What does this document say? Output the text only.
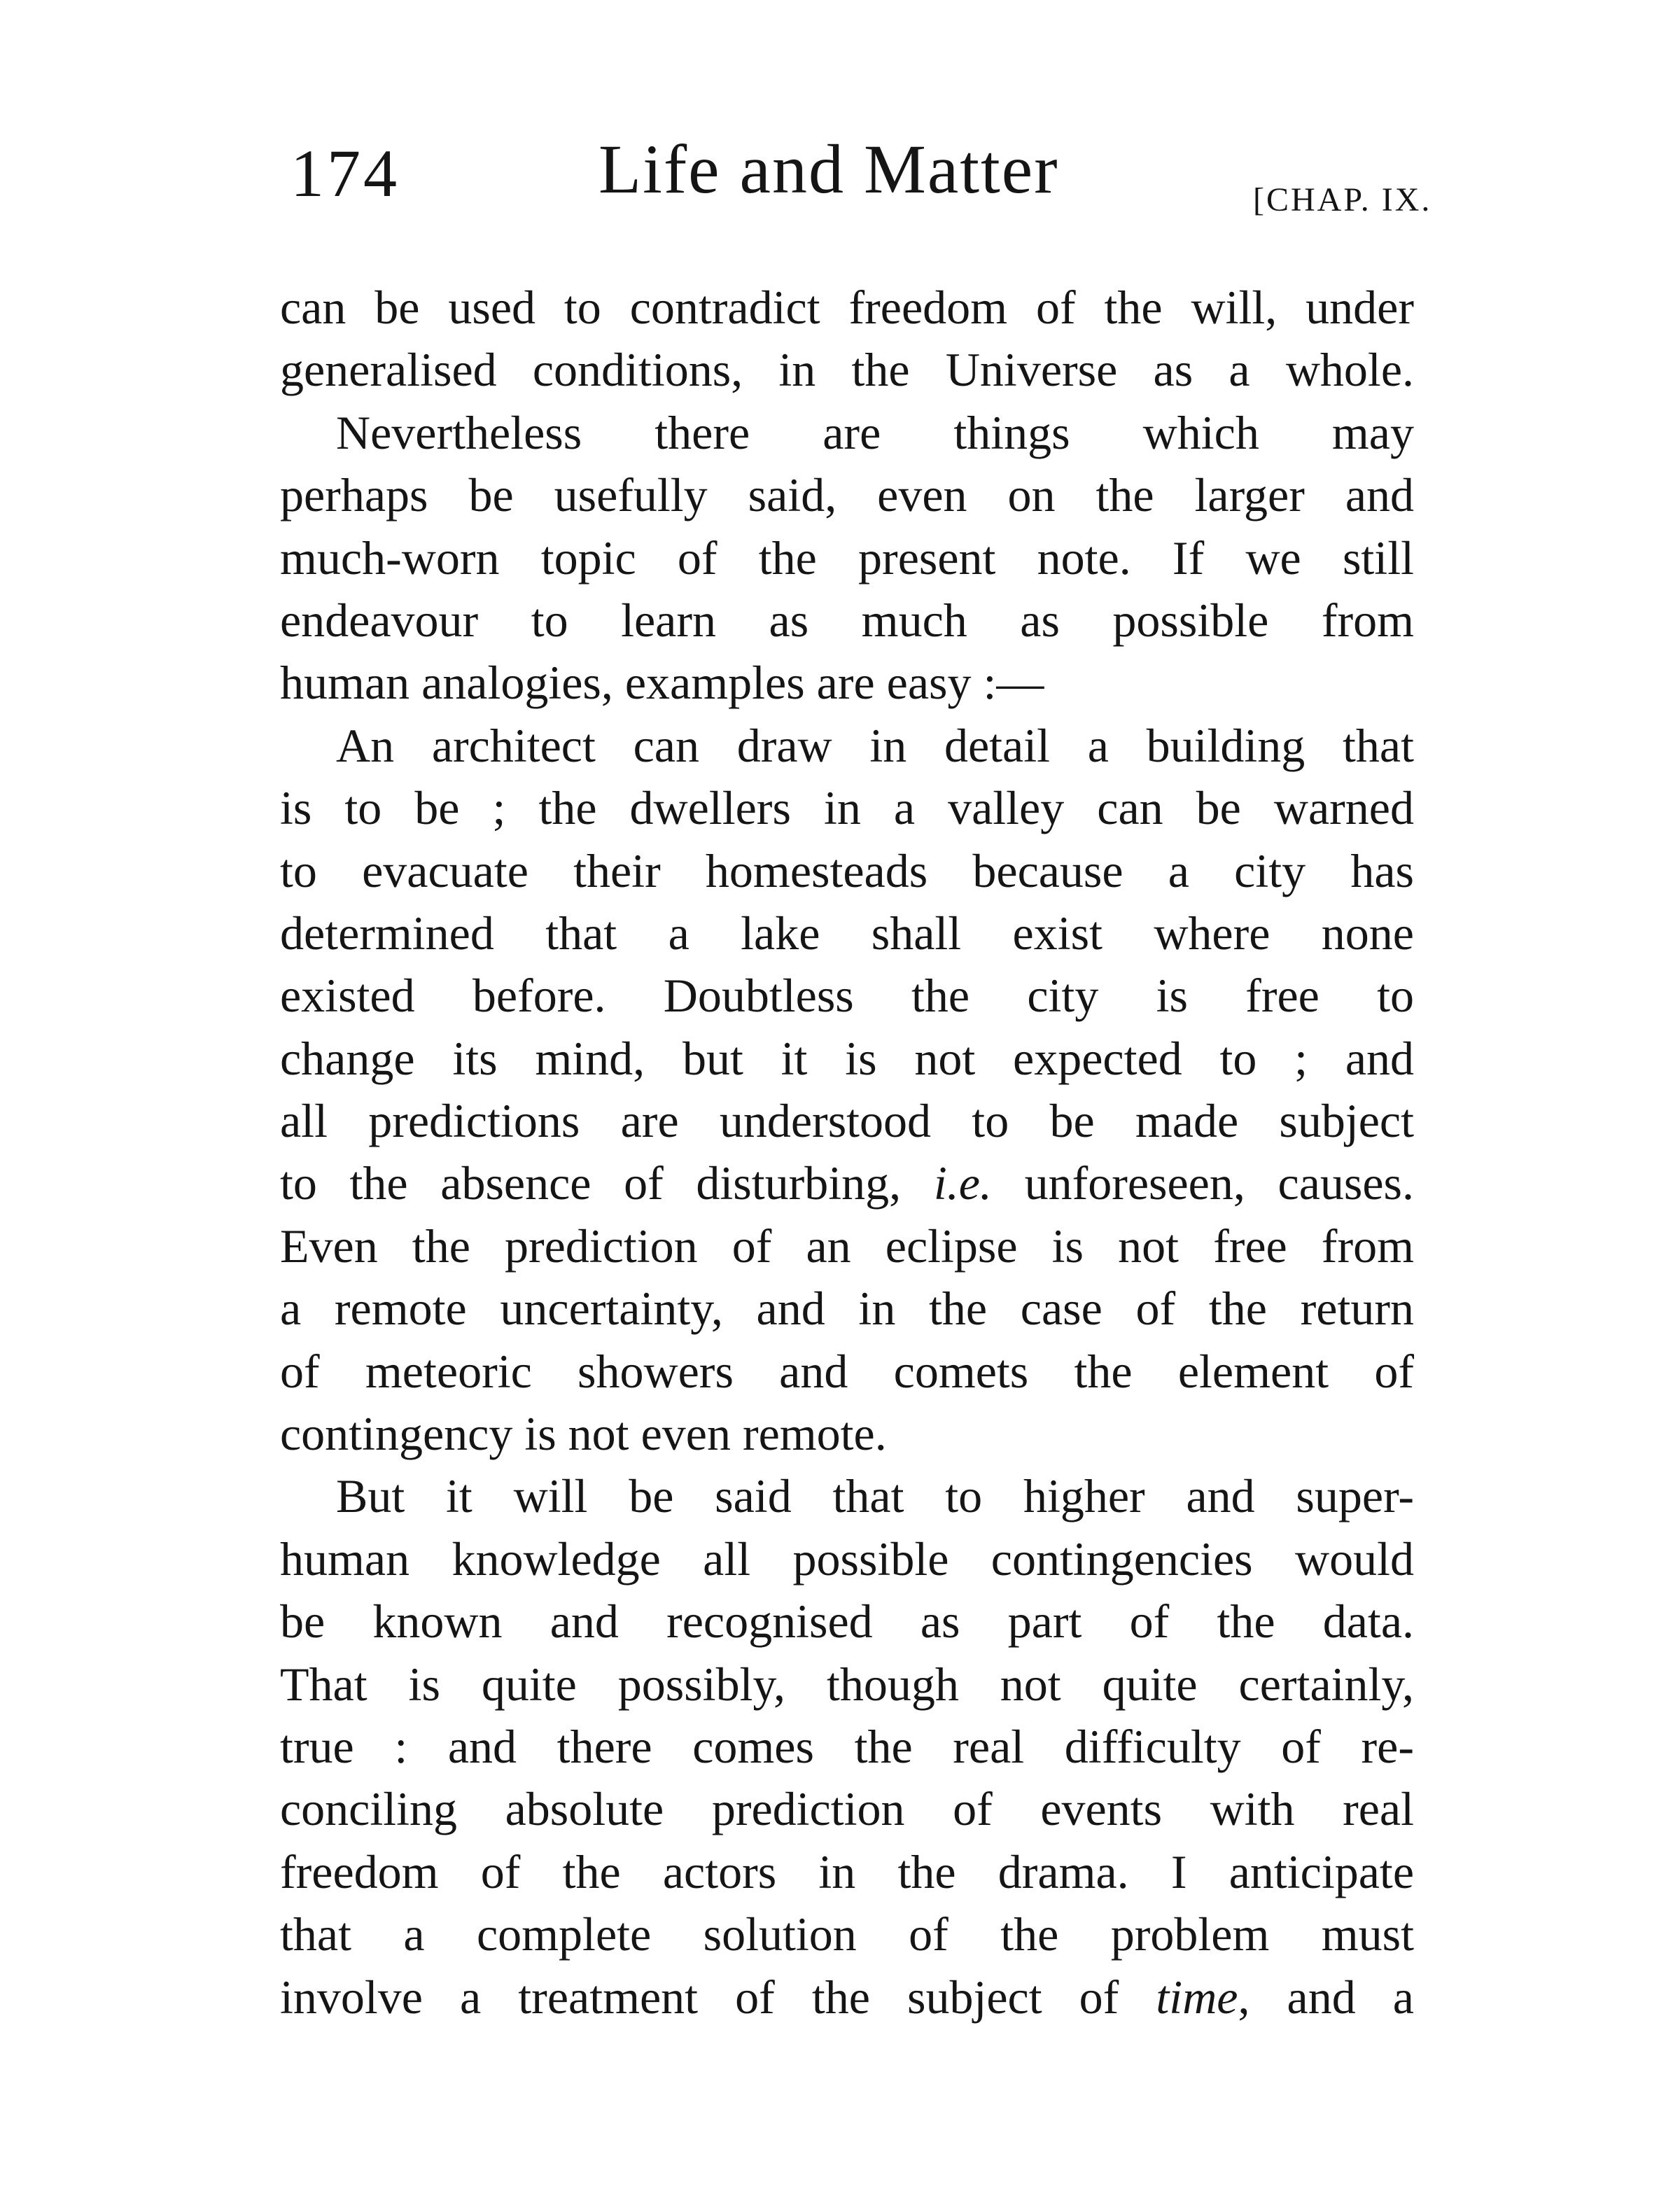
174	Life and Matter	[CHAP. IX.
can be used to contradict freedom of the will, under
generalised conditions, in the Universe as a whole.
Nevertheless there are things which may
perhaps be usefully said, even on the larger and
much-worn topic of the present note. If we still
endeavour to learn as much as possible from
human analogies, examples are easy :—
An architect can draw in detail a building that
is to be ; the dwellers in a valley can be warned
to evacuate their homesteads because a city has
determined that a lake shall exist where none
existed before. Doubtless the city is free to
change its mind, but it is not expected to ; and
all predictions are understood to be made subject
to the absence of disturbing, i.e. unforeseen, causes.
Even the prediction of an eclipse is not free from
a remote uncertainty, and in the case of the return
of meteoric showers and comets the element of
contingency is not even remote.
But it will be said that to higher and super-
human knowledge all possible contingencies would
be known and recognised as part of the data.
That is quite possibly, though not quite certainly,
true : and there comes the real difficulty of re-
conciling absolute prediction of events with real
freedom of the actors in the drama. I anticipate
that a complete solution of the problem must
involve a treatment of the subject of time, and a
